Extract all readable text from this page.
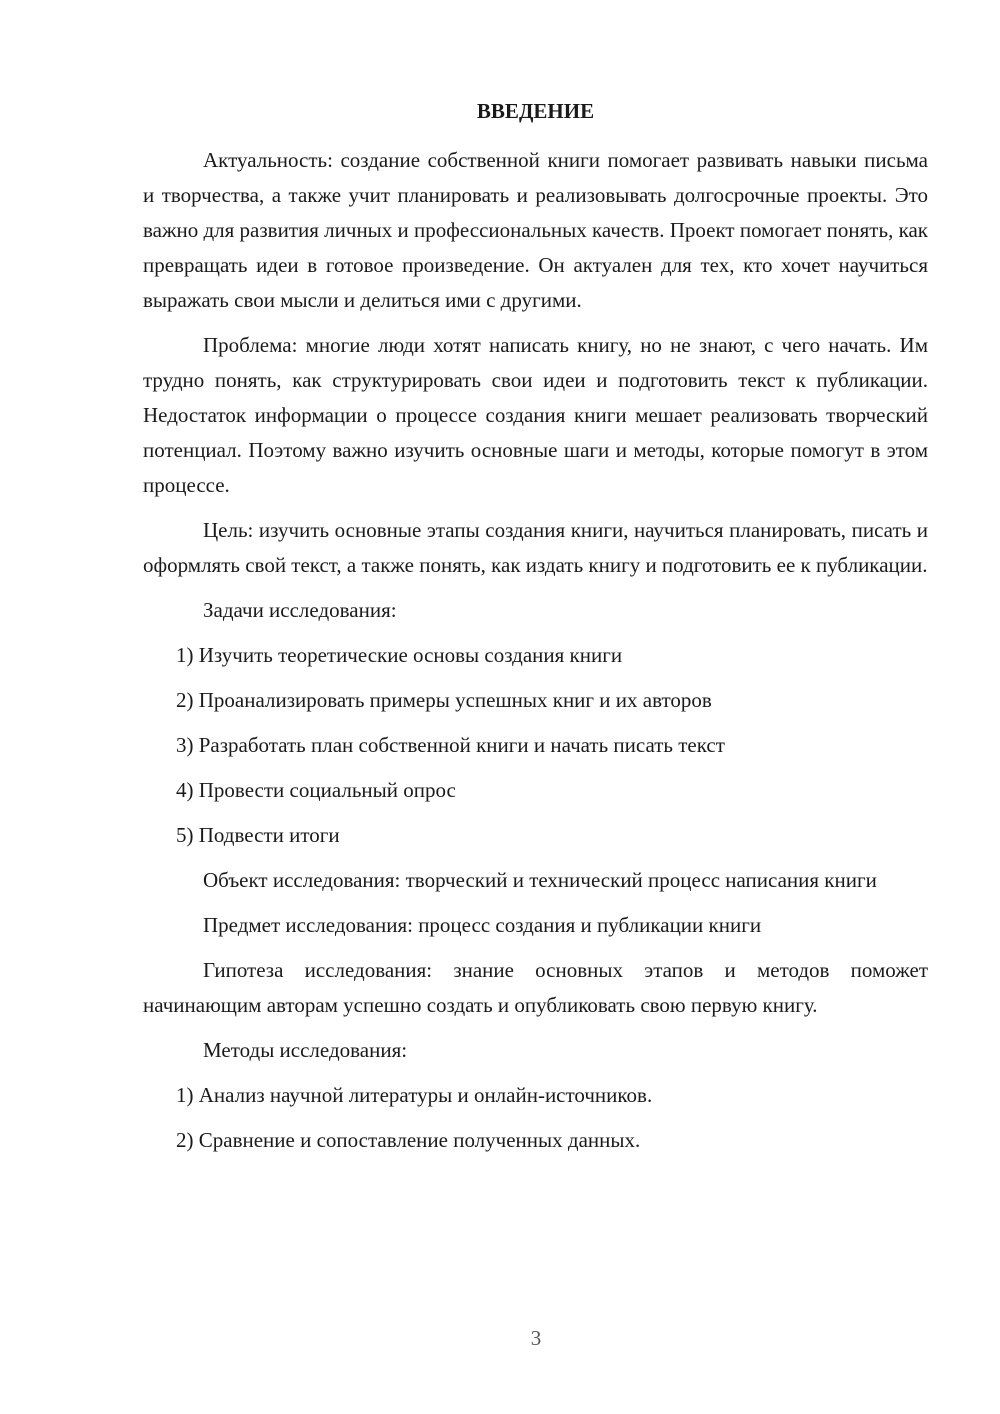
ВВЕДЕНИЕ

Актуальность: создание собственной книги помогает развивать навыки письма и творчества, а также учит планировать и реализовывать долгосрочные проекты. Это важно для развития личных и профессиональных качеств. Проект помогает понять, как превращать идеи в готовое произведение. Он актуален для тех, кто хочет научиться выражать свои мысли и делиться ими с другими.

Проблема: многие люди хотят написать книгу, но не знают, с чего начать. Им трудно понять, как структурировать свои идеи и подготовить текст к публикации. Недостаток информации о процессе создания книги мешает реализовать творческий потенциал. Поэтому важно изучить основные шаги и методы, которые помогут в этом процессе.

Цель: изучить основные этапы создания книги, научиться планировать, писать и оформлять свой текст, а также понять, как издать книгу и подготовить ее к публикации.

Задачи исследования:

1) Изучить теоретические основы создания книги

2) Проанализировать примеры успешных книг и их авторов

3) Разработать план собственной книги и начать писать текст

4) Провести социальный опрос

5) Подвести итоги

Объект исследования: творческий и технический процесс написания книги

Предмет исследования: процесс создания и публикации книги

Гипотеза исследования: знание основных этапов и методов поможет начинающим авторам успешно создать и опубликовать свою первую книгу.

Методы исследования:

1) Анализ научной литературы и онлайн-источников.

2) Сравнение и сопоставление полученных данных.

3
